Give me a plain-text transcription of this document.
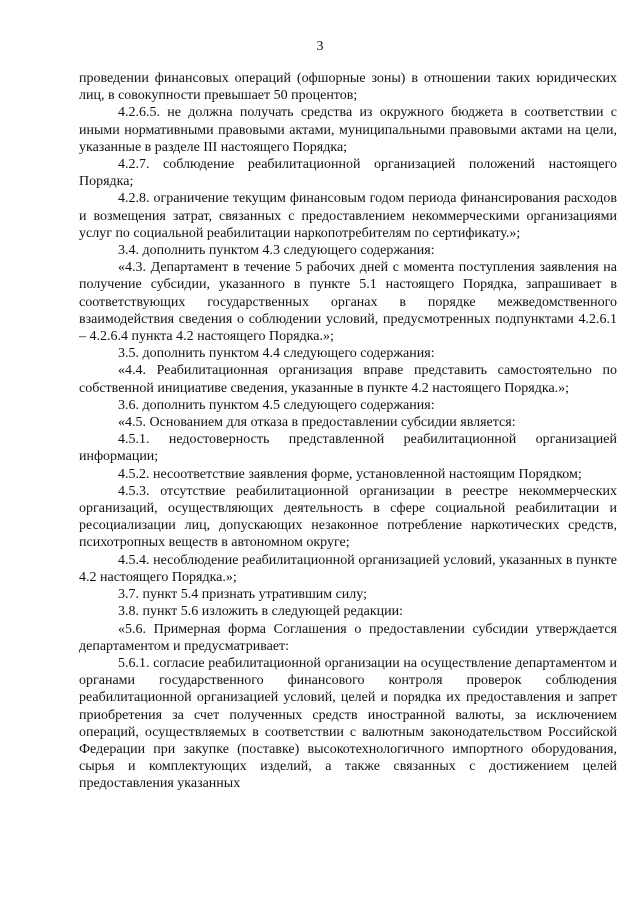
3

проведении финансовых операций (офшорные зоны) в отношении таких юридических лиц, в совокупности превышает 50 процентов;

4.2.6.5. не должна получать средства из окружного бюджета в соответствии с иными нормативными правовыми актами, муниципальными правовыми актами на цели, указанные в разделе III настоящего Порядка;

4.2.7. соблюдение реабилитационной организацией положений настоящего Порядка;

4.2.8. ограничение текущим финансовым годом периода финансирования расходов и возмещения затрат, связанных с предоставлением некоммерческими организациями услуг по социальной реабилитации наркопотребителям по сертификату.»;

3.4. дополнить пунктом 4.3 следующего содержания:

«4.3. Департамент в течение 5 рабочих дней с момента поступления заявления на получение субсидии, указанного в пункте 5.1 настоящего Порядка, запрашивает в соответствующих государственных органах в порядке межведомственного взаимодействия сведения о соблюдении условий, предусмотренных подпунктами 4.2.6.1 – 4.2.6.4 пункта 4.2 настоящего Порядка.»;

3.5. дополнить пунктом 4.4 следующего содержания:

«4.4. Реабилитационная организация вправе представить самостоятельно по собственной инициативе сведения, указанные в пункте 4.2 настоящего Порядка.»;

3.6. дополнить пунктом 4.5 следующего содержания:

«4.5. Основанием для отказа в предоставлении субсидии является:

4.5.1. недостоверность представленной реабилитационной организацией информации;

4.5.2. несоответствие заявления форме, установленной настоящим Порядком;

4.5.3. отсутствие реабилитационной организации в реестре некоммерческих организаций, осуществляющих деятельность в сфере социальной реабилитации и ресоциализации лиц, допускающих незаконное потребление наркотических средств, психотропных веществ в автономном округе;

4.5.4. несоблюдение реабилитационной организацией условий, указанных в пункте 4.2 настоящего Порядка.»;

3.7. пункт 5.4 признать утратившим силу;

3.8. пункт 5.6 изложить в следующей редакции:

«5.6. Примерная форма Соглашения о предоставлении субсидии утверждается департаментом и предусматривает:

5.6.1. согласие реабилитационной организации на осуществление департаментом и органами государственного финансового контроля проверок соблюдения реабилитационной организацией условий, целей и порядка их предоставления и запрет приобретения за счет полученных средств иностранной валюты, за исключением операций, осуществляемых в соответствии с валютным законодательством Российской Федерации при закупке (поставке) высокотехнологичного импортного оборудования, сырья и комплектующих изделий, а также связанных с достижением целей предоставления указанных
